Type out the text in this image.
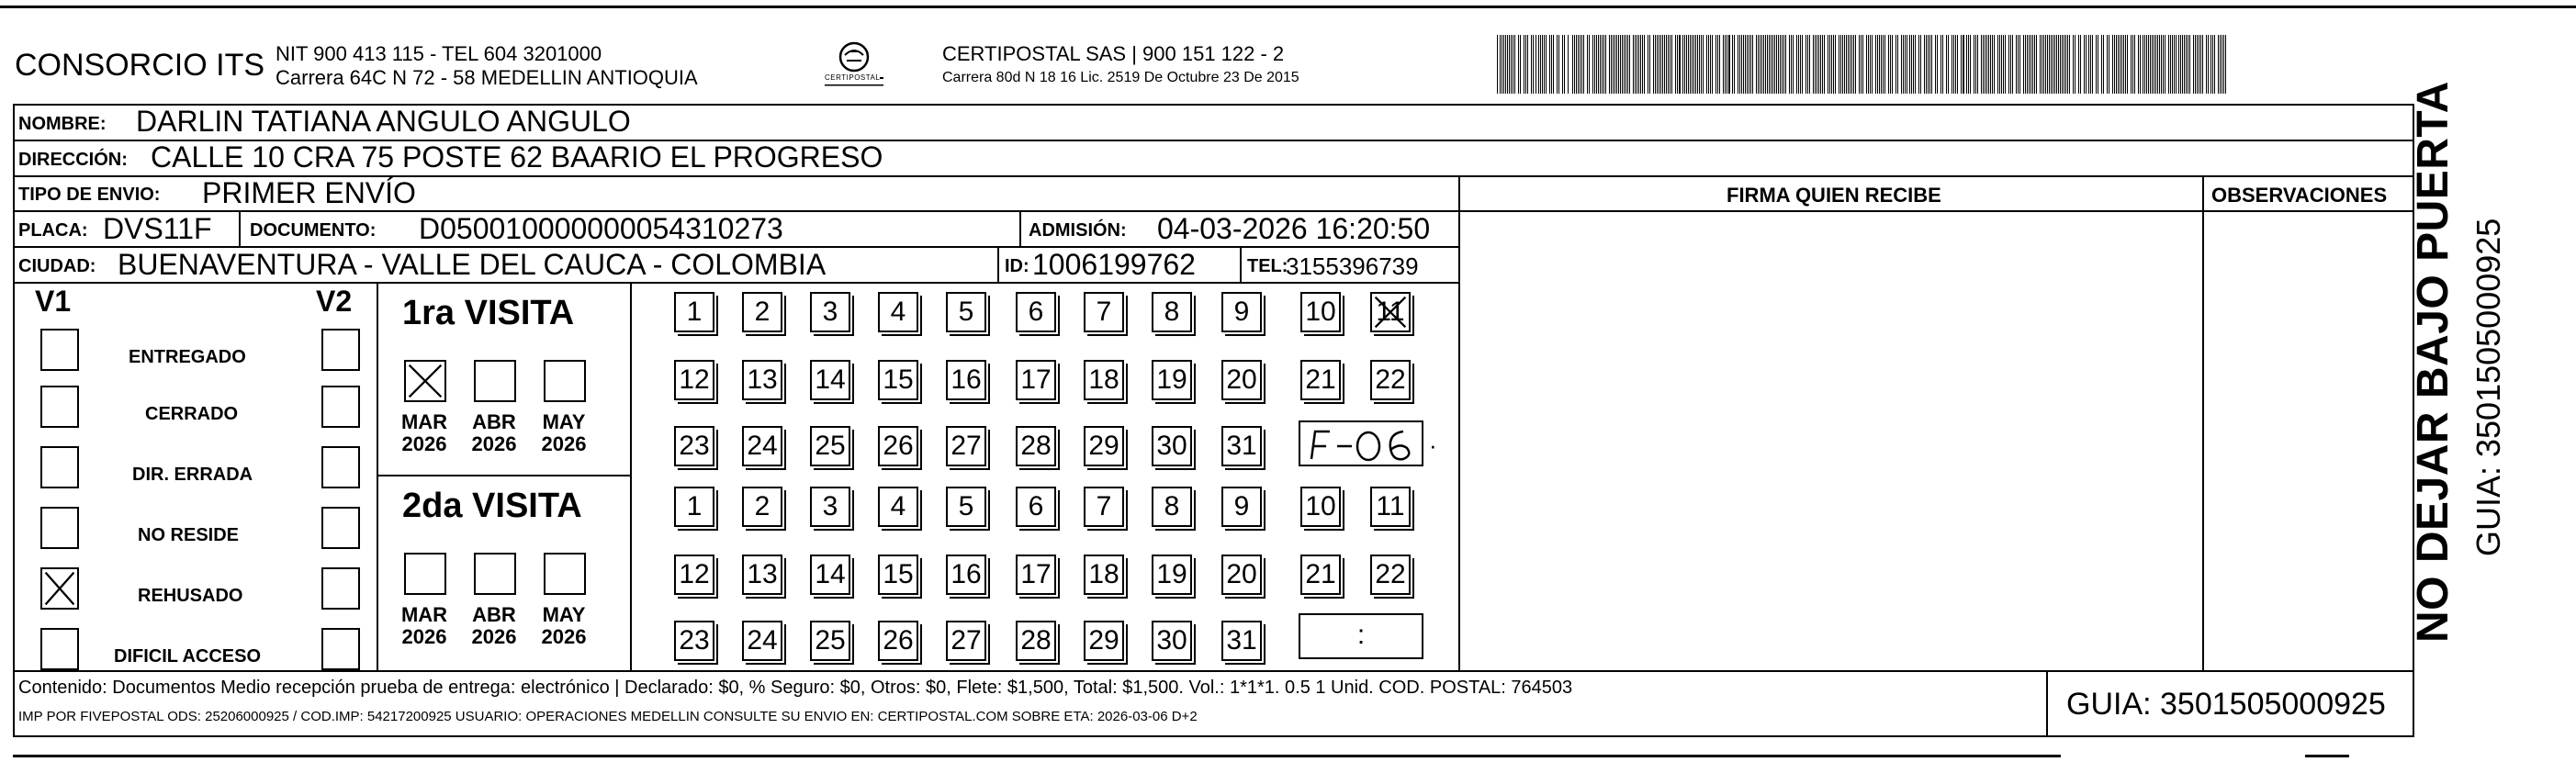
CONSORCIO ITS NIT 900 413 115 - TEL 604 3201000
Carrera 64C N 72 - 58 MEDELLIN ANTIOQUIA	CERTIPOSTAL
CERTIPOSTAL SAS | 900 151 122 - 2
Carrera 80d N 18 16 Lic. 2519 De Octubre 23 De 2015
NOMBRE: DARLIN TATIANA ANGULO ANGULO
DIRECCIÓN: CALLE 10 CRA 75 POSTE 62 BAARIO EL PROGRESO
TIPO DE ENVIO: PRIMER ENVÍO	FIRMA QUIEN RECIBE	OBSERVACIONES
PLACA: DVS11F DOCUMENTO: D050010000000054310273	ADMISIÓN: 04-03-2026 16:20:50
CIUDAD: BUENAVENTURA - VALLE DEL CAUCA - COLOMBIA	ID: 1006199762	TEL:
3155396739
V1	V2
ENTREGADO
CERRADO
DIR. ERRADA
NO RESIDE
REHUSADO
DIFICIL ACCESO
1ra VISITA
MAR
2026
ABR
2026
MAY
2026
1	2	3	4	5	6	7	8	9	10 11
12 13 14 15 16 17 18 19 20 21 22
23 24 25 26 27 28 29 30 31	·
2da VISITA
MAR
2026
ABR
2026
MAY
2026
1	2	3	4	5	6	7	8	9	10 11
12 13 14 15 16 17 18 19 20 21 22
23 24 25 26 27 28 29 30 31	:
Contenido: Documentos Medio recepción prueba de entrega: electrónico | Declarado: $0, % Seguro: $0, Otros: $0, Flete: $1,500, Total: $1,500. Vol.: 1*1*1. 0.5 1 Unid. COD. POSTAL: 764503
IMP POR FIVEPOSTAL ODS: 25206000925 / COD.IMP: 54217200925 USUARIO: OPERACIONES MEDELLIN CONSULTE SU ENVIO EN: CERTIPOSTAL.COM SOBRE ETA: 2026-03-06 D+2	GUIA: 3501505000925
NO DEJAR BAJO PUERTA GUIA: 3501505000925
